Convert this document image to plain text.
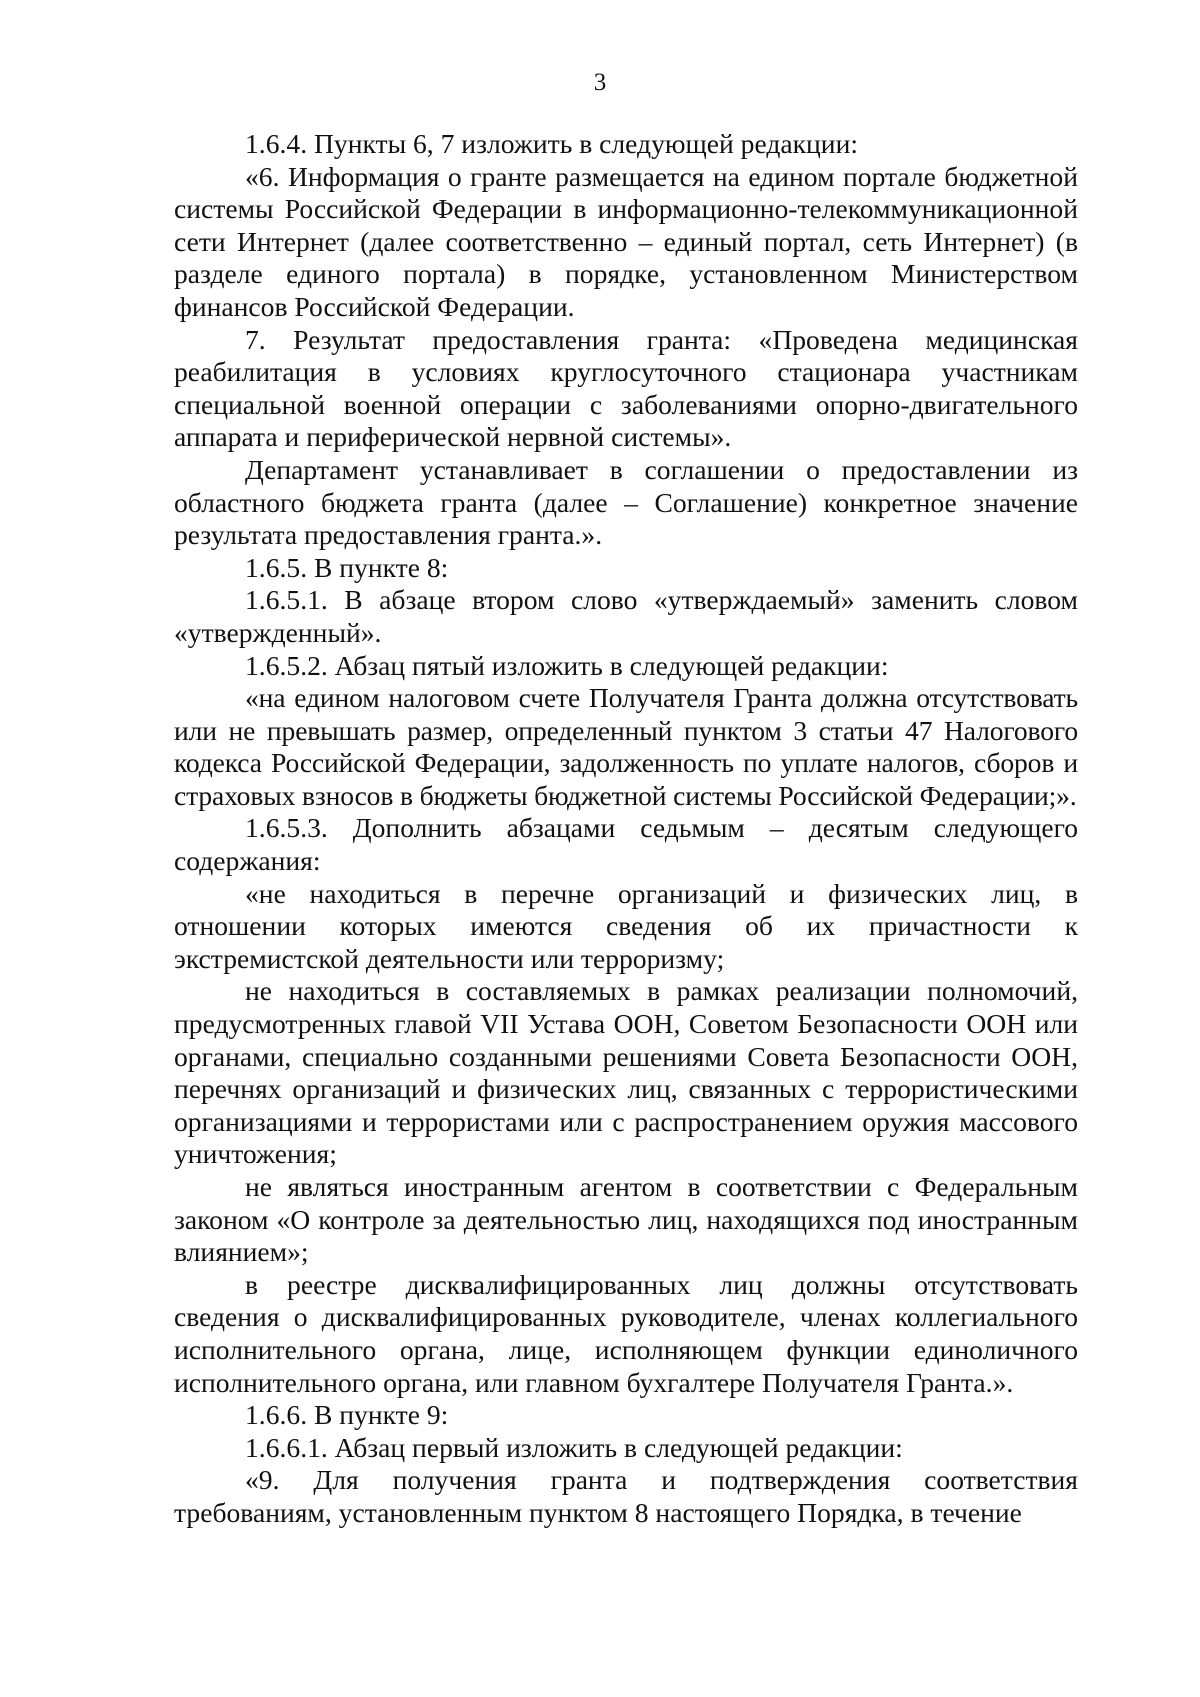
3

1.6.4. Пункты 6, 7 изложить в следующей редакции:

«6. Информация о гранте размещается на едином портале бюджетной системы Российской Федерации в информационно-телекоммуникационной сети Интернет (далее соответственно – единый портал, сеть Интернет) (в разделе единого портала) в порядке, установленном Министерством финансов Российской Федерации.

7. Результат предоставления гранта: «Проведена медицинская реабилитация в условиях круглосуточного стационара участникам специальной военной операции с заболеваниями опорно-двигательного аппарата и периферической нервной системы».

Департамент устанавливает в соглашении о предоставлении из областного бюджета гранта (далее – Соглашение) конкретное значение результата предоставления гранта.».

1.6.5. В пункте 8:

1.6.5.1. В абзаце втором слово «утверждаемый» заменить словом «утвержденный».

1.6.5.2. Абзац пятый изложить в следующей редакции:

«на едином налоговом счете Получателя Гранта должна отсутствовать или не превышать размер, определенный пунктом 3 статьи 47 Налогового кодекса Российской Федерации, задолженность по уплате налогов, сборов и страховых взносов в бюджеты бюджетной системы Российской Федерации;».

1.6.5.3. Дополнить абзацами седьмым – десятым следующего содержания:

«не находиться в перечне организаций и физических лиц, в отношении которых имеются сведения об их причастности к экстремистской деятельности или терроризму;

не находиться в составляемых в рамках реализации полномочий, предусмотренных главой VII Устава ООН, Советом Безопасности ООН или органами, специально созданными решениями Совета Безопасности ООН, перечнях организаций и физических лиц, связанных с террористическими организациями и террористами или с распространением оружия массового уничтожения;

не являться иностранным агентом в соответствии с Федеральным законом «О контроле за деятельностью лиц, находящихся под иностранным влиянием»;

в реестре дисквалифицированных лиц должны отсутствовать сведения о дисквалифицированных руководителе, членах коллегиального исполнительного органа, лице, исполняющем функции единоличного исполнительного органа, или главном бухгалтере Получателя Гранта.».

1.6.6. В пункте 9:

1.6.6.1. Абзац первый изложить в следующей редакции:

«9. Для получения гранта и подтверждения соответствия требованиям, установленным пунктом 8 настоящего Порядка, в течение
